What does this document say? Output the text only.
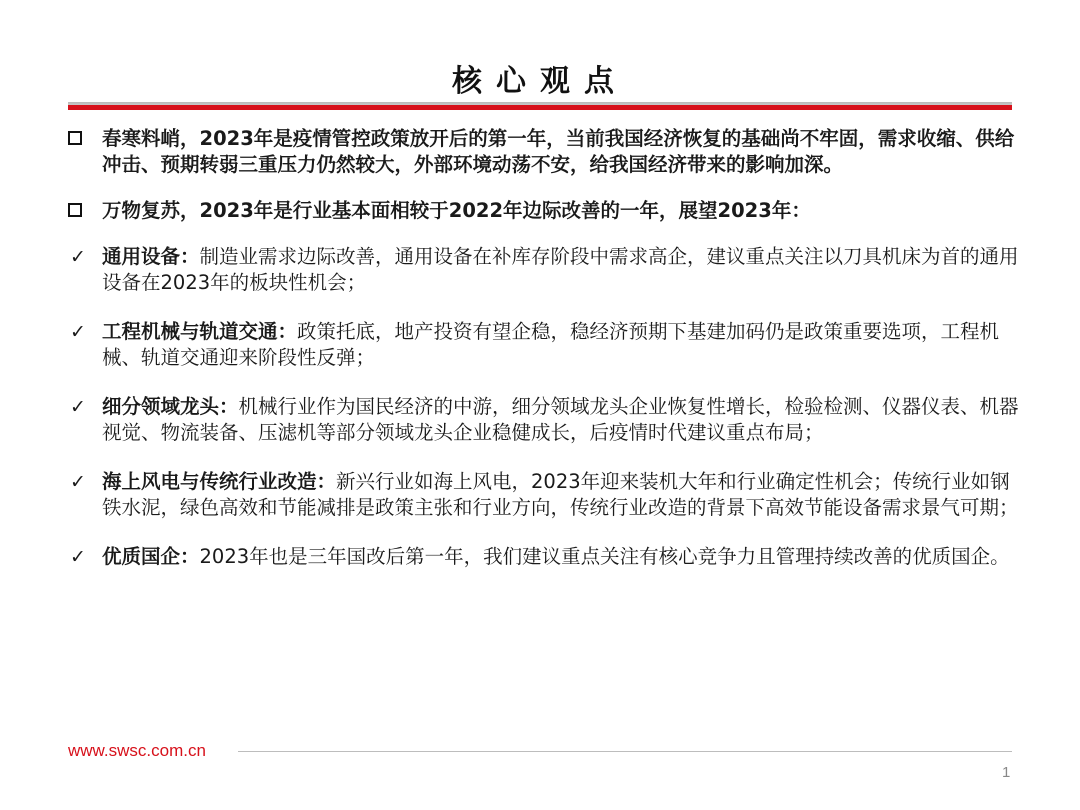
核心观点
春寒料峭，2023年是疫情管控政策放开后的第一年，当前我国经济恢复的基础尚不牢固，需求收缩、供给冲击、预期转弱三重压力仍然较大，外部环境动荡不安，给我国经济带来的影响加深。
万物复苏，2023年是行业基本面相较于2022年边际改善的一年，展望2023年：
✓ 通用设备：制造业需求边际改善，通用设备在补库存阶段中需求高企，建议重点关注以刀具机床为首的通用设备在2023年的板块性机会；
✓ 工程机械与轨道交通：政策托底，地产投资有望企稳，稳经济预期下基建加码仍是政策重要选项，工程机械、轨道交通迎来阶段性反弹；
✓ 细分领域龙头：机械行业作为国民经济的中游，细分领域龙头企业恢复性增长，检验检测、仪器仪表、机器视觉、物流装备、压滤机等部分领域龙头企业稳健成长，后疫情时代建议重点布局；
✓ 海上风电与传统行业改造：新兴行业如海上风电，2023年迎来装机大年和行业确定性机会；传统行业如钢铁水泥，绿色高效和节能减排是政策主张和行业方向，传统行业改造的背景下高效节能设备需求景气可期；
✓ 优质国企：2023年也是三年国改后第一年，我们建议重点关注有核心竞争力且管理持续改善的优质国企。
www.swsc.com.cn
1
